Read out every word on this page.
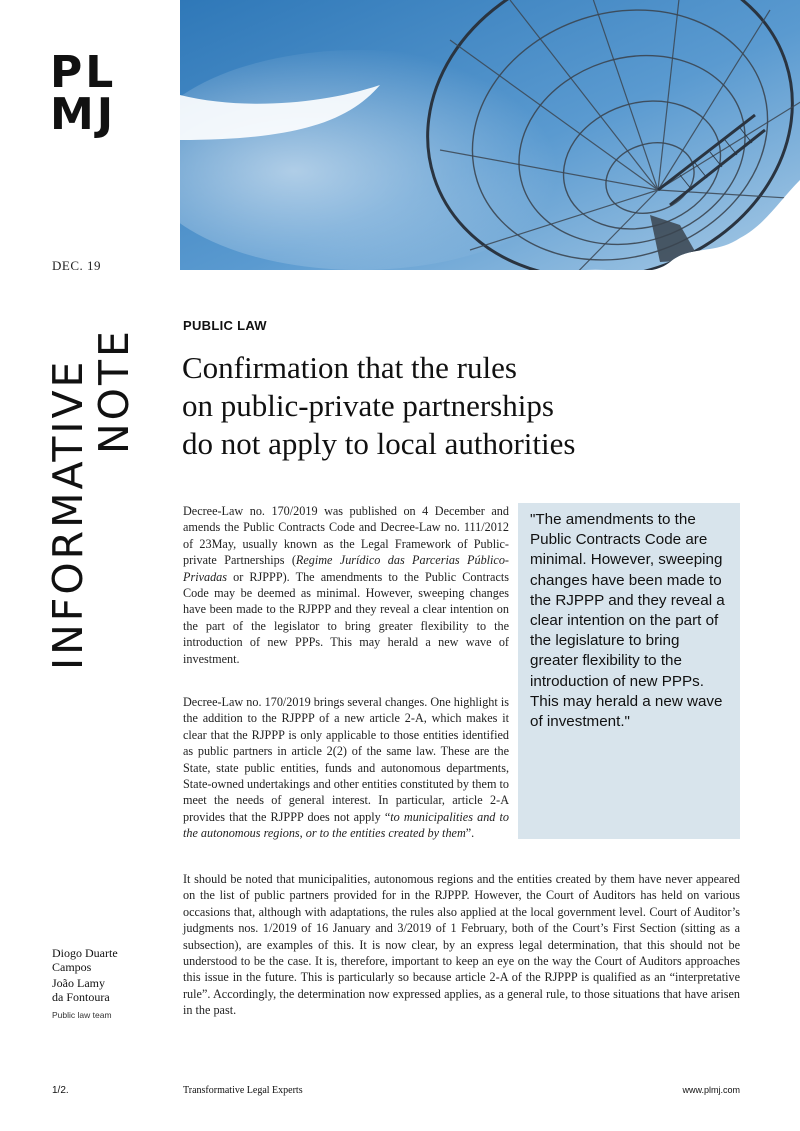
PL
MJ
DEC. 19
INFORMATIVE
NOTE
PUBLIC LAW
Confirmation that the rules
on public-private partnerships
do not apply to local authorities

Decree-Law no. 170/2019 was published on 4 December and amends the Public Contracts Code and Decree-Law no. 111/2012 of 23May, usually known as the Legal Framework of Public-private Partnerships (Regime Jurídico das Parcerias Público-Privadas or RJPPP). The amendments to the Public Contracts Code may be deemed as minimal. However, sweeping changes have been made to the RJPPP and they reveal a clear intention on the part of the legislator to bring greater flexibility to the introduction of new PPPs. This may herald a new wave of investment.

Decree-Law no. 170/2019 brings several changes. One highlight is the addition to the RJPPP of a new article 2-A, which makes it clear that the RJPPP is only applicable to those entities identified as public partners in article 2(2) of the same law. These are the State, state public entities, funds and autonomous departments, State-owned undertakings and other entities constituted by them to meet the needs of general interest. In particular, article 2-A provides that the RJPPP does not apply “to municipalities and to the autonomous regions, or to the entities created by them”.

"The amendments to the Public Contracts Code are minimal. However, sweeping changes have been made to the RJPPP and they reveal a clear intention on the part of the legislature to bring greater flexibility to the introduction of new PPPs. This may herald a new wave of investment."

It should be noted that municipalities, autonomous regions and the entities created by them have never appeared on the list of public partners provided for in the RJPPP. However, the Court of Auditors has held on various occasions that, although with adaptations, the rules also applied at the local government level. Court of Auditor’s judgments nos. 1/2019 of 16 January and 3/2019 of 1 February, both of the Court’s First Section (sitting as a subsection), are examples of this. It is now clear, by an express legal determination, that this should not be understood to be the case. It is, therefore, important to keep an eye on the way the Court of Auditors approaches this issue in the future. This is particularly so because article 2-A of the RJPPP is qualified as an “interpretative rule”. Accordingly, the determination now expressed applies, as a general rule, to those situations that have arisen in the past.

Diogo Duarte

Campos

João Lamy

da Fontoura

Public law team
1/2.	Transformative Legal Experts	www.plmj.com
